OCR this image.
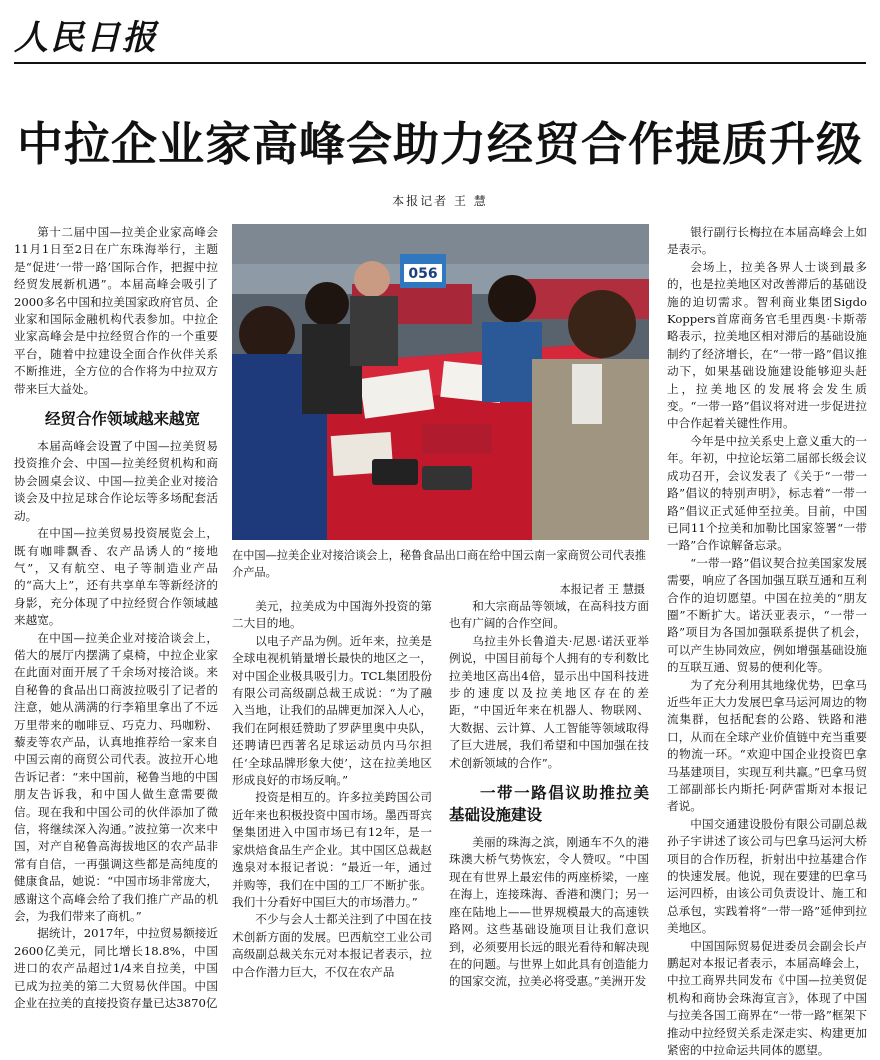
人民日报
中拉企业家高峰会助力经贸合作提质升级
本报记者 王 慧

第十二届中国—拉美企业家高峰会11月1日至2日在广东珠海举行，主题是“促进‘一带一路’国际合作，把握中拉经贸发展新机遇”。本届高峰会吸引了2000多名中国和拉美国家政府官员、企业家和国际金融机构代表参加。中拉企业家高峰会是中拉经贸合作的一个重要平台，随着中拉建设全面合作伙伴关系不断推进，全方位的合作将为中拉双方带来巨大益处。

经贸合作领域越来越宽

本届高峰会设置了中国—拉美贸易投资推介会、中国—拉美经贸机构和商协会圆桌会议、中国—拉美企业对接洽谈会及中拉足球合作论坛等多场配套活动。

在中国—拉美贸易投资展览会上，既有咖啡飘香、农产品诱人的“接地气”，又有航空、电子等制造业产品的“高大上”，还有共享单车等新经济的身影，充分体现了中拉经贸合作领域越来越宽。

在中国—拉美企业对接洽谈会上，偌大的展厅内摆满了桌椅，中拉企业家在此面对面开展了千余场对接洽谈。来自秘鲁的食品出口商波拉吸引了记者的注意，她从满满的行李箱里拿出了不远万里带来的咖啡豆、巧克力、玛咖粉、藜麦等农产品，认真地推荐给一家来自中国云南的商贸公司代表。波拉开心地告诉记者：“来中国前，秘鲁当地的中国朋友告诉我，和中国人做生意需要微信。现在我和中国公司的伙伴添加了微信，将继续深入沟通。”波拉第一次来中国，对产自秘鲁高海拔地区的农产品非常有自信，一再强调这些都是高纯度的健康食品，她说：“中国市场非常庞大，感谢这个高峰会给了我们推广产品的机会，为我们带来了商机。”

据统计，2017年，中拉贸易额接近2600亿美元，同比增长18.8%，中国进口的农产品超过1/4来自拉美，中国已成为拉美的第二大贸易伙伴国。中国企业在拉美的直接投资存量已达3870亿

056

在中国—拉美企业对接洽谈会上，秘鲁食品出口商在给中国云南一家商贸公司代表推介产品。

本报记者 王 慧摄

美元，拉美成为中国海外投资的第二大目的地。

以电子产品为例。近年来，拉美是全球电视机销量增长最快的地区之一，对中国企业极具吸引力。TCL集团股份有限公司高级副总裁王成说：“为了融入当地，让我们的品牌更加深入人心，我们在阿根廷赞助了罗萨里奥中央队，还聘请巴西著名足球运动员内马尔担任‘全球品牌形象大使’，这在拉美地区形成良好的市场反响。”

投资是相互的。许多拉美跨国公司近年来也积极投资中国市场。墨西哥宾堡集团进入中国市场已有12年，是一家烘焙食品生产企业。其中国区总裁赵逸泉对本报记者说：“最近一年，通过并购等，我们在中国的工厂不断扩张。我们十分看好中国巨大的市场潜力。”

不少与会人士都关注到了中国在技术创新方面的发展。巴西航空工业公司高级副总裁关东元对本报记者表示，拉中合作潜力巨大，不仅在农产品

和大宗商品等领域，在高科技方面也有广阔的合作空间。

乌拉圭外长鲁道夫·尼恩·诺沃亚举例说，中国目前每个人拥有的专利数比拉美地区高出4倍，显示出中国科技进步的速度以及拉美地区存在的差距，“中国近年来在机器人、物联网、大数据、云计算、人工智能等领域取得了巨大进展，我们希望和中国加强在技术创新领域的合作”。

一带一路倡议助推拉美基础设施建设

美丽的珠海之滨，刚通车不久的港珠澳大桥气势恢宏，令人赞叹。“中国现在有世界上最宏伟的两座桥梁，一座在海上，连接珠海、香港和澳门；另一座在陆地上——世界规模最大的高速铁路网。这些基础设施项目让我们意识到，必须要用长远的眼光看待和解决现在的问题。与世界上如此具有创造能力的国家交流，拉美必将受惠。”美洲开发

银行副行长梅拉在本届高峰会上如是表示。

会场上，拉美各界人士谈到最多的，也是拉美地区对改善滞后的基础设施的迫切需求。智利商业集团Sigdo Koppers首席商务官毛里西奥·卡斯蒂略表示，拉美地区相对滞后的基础设施制约了经济增长，在“一带一路”倡议推动下，如果基础设施建设能够迎头赶上，拉美地区的发展将会发生质变。“一带一路”倡议将对进一步促进拉中合作起着关键性作用。

今年是中拉关系史上意义重大的一年。年初，中拉论坛第二届部长级会议成功召开，会议发表了《关于“一带一路”倡议的特别声明》，标志着“一带一路”倡议正式延伸至拉美。目前，中国已同11个拉美和加勒比国家签署“一带一路”合作谅解备忘录。

“一带一路”倡议契合拉美国家发展需要，响应了各国加强互联互通和互利合作的迫切愿望。中国在拉美的“朋友圈”不断扩大。诺沃亚表示，“一带一路”项目为各国加强联系提供了机会，可以产生协同效应，例如增强基础设施的互联互通、贸易的便利化等。

为了充分利用其地缘优势，巴拿马近些年正大力发展巴拿马运河周边的物流集群，包括配套的公路、铁路和港口，从而在全球产业价值链中充当重要的物流一环。“欢迎中国企业投资巴拿马基建项目，实现互利共赢。”巴拿马贸工部副部长内斯托·阿萨雷斯对本报记者说。

中国交通建设股份有限公司副总裁孙子宇讲述了该公司与巴拿马运河大桥项目的合作历程，折射出中拉基建合作的快速发展。他说，现在要建的巴拿马运河四桥，由该公司负责设计、施工和总承包，实践着将“一带一路”延伸到拉美地区。

中国国际贸易促进委员会副会长卢鹏起对本报记者表示，本届高峰会上，中拉工商界共同发布《中国—拉美贸促机构和商协会珠海宣言》，体现了中国与拉美各国工商界在“一带一路”框架下推动中拉经贸关系走深走实、构建更加紧密的中拉命运共同体的愿望。
